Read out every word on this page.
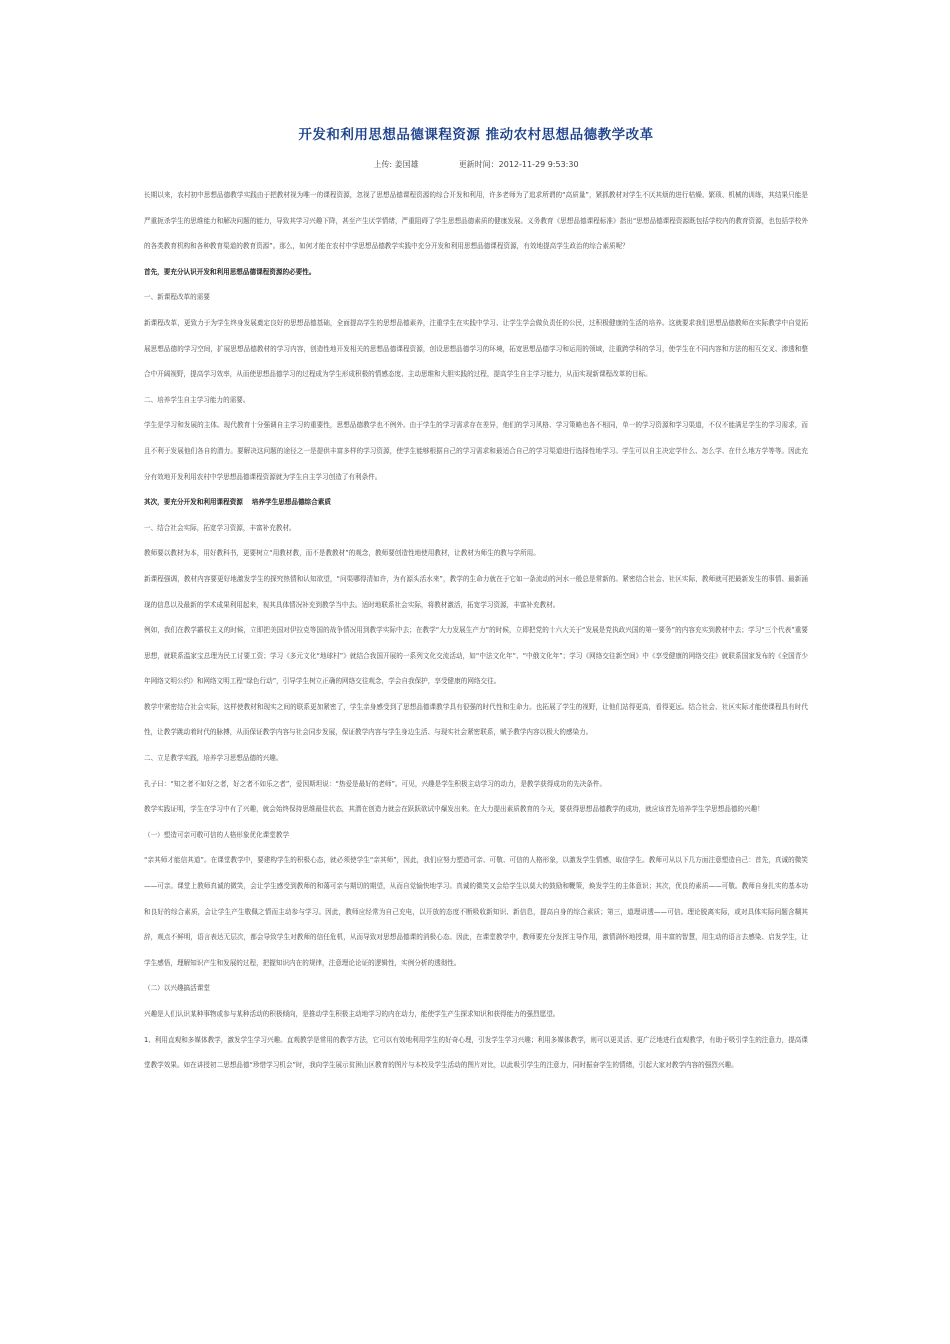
开发和利用思想品德课程资源 推动农村思想品德教学改革
上传: 姜国雄	更新时间：2012-11-29 9:53:30

长期以来，农村初中思想品德教学实践由于把教材视为唯一的课程资源，忽视了思想品德课程资源的综合开发和利用，许多老师为了追求所谓的“高质量”，紧抓教材对学生不厌其烦的进行枯燥、繁琐、机械的训练，其结果只能是严重扼杀学生的思维能力和解决问题的能力，导致其学习兴趣下降，甚至产生厌学情绪，严重阻碍了学生思想品德素质的健康发展。义务教育《思想品德课程标准》指出“思想品德课程资源既包括学校内的教育资源，也包括学校外的各类教育机构和各种教育渠道的教育资源”。那么，如何才能在农村中学思想品德教学实践中充分开发和利用思想品德课程资源，有效地提高学生政治的综合素质呢？

首先，要充分认识开发和利用思想品德课程资源的必要性。

一、新课程改革的需要

新课程改革，更致力于为学生终身发展奠定良好的思想品德基础，全面提高学生的思想品德素养，注重学生在实践中学习、让学生学会做负责任的公民，过积极健康的生活的培养。这就要求我们思想品德教师在实际教学中自觉拓展思想品德的学习空间，扩展思想品德教材的学习内容，创造性地开发相关的思想品德课程资源，创设思想品德学习的环境，拓宽思想品德学习和运用的领域，注重跨学科的学习，使学生在不同内容和方法的相互交叉、渗透和整合中开阔视野，提高学习效率，从而使思想品德学习的过程成为学生形成积极的情感态度、主动思维和大胆实践的过程，提高学生自主学习能力，从而实现新课程改革的目标。

二、培养学生自主学习能力的需要。

学生是学习和发展的主体。现代教育十分强调自主学习的重要性，思想品德教学也不例外。由于学生的学习需求存在差异，他们的学习风格、学习策略也各不相同，单一的学习资源和学习渠道，不仅不能满足学生的学习需求，而且不利于发展他们各自的潜力。要解决这问题的途径之一是提供丰富多样的学习资源，使学生能够根据自己的学习需求和最适合自己的学习渠道进行选择性地学习。学生可以自主决定学什么、怎么学、在什么地方学等等。因此充分有效地开发利用农村中学思想品德课程资源就为学生自主学习创造了有利条件。

其次，要充分开发和利用课程资源　 培养学生思想品德综合素质

一、结合社会实际，拓宽学习资源，丰富补充教材。

教师要以教材为本，用好教科书，更要树立“用教材教，而不是教教材”的观念，教师要创造性地使用教材，让教材为师生的教与学所用。

新课程强调，教材内容要更好地激发学生的探究热情和认知欲望，“问渠哪得清如许，为有源头活水来”，教学的生命力就在于它如一条流动的河水一般总是常新的。紧密结合社会、社区实际，教师就可把最新发生的事情、最新涌现的信息以及最新的学术成果利用起来，视其具体情况补充到教学当中去。适时地联系社会实际，将教材激活，拓宽学习资源，丰富补充教材。

例如，我们在教学霸权主义的时候，立即把美国对伊拉克等国的战争情况用到教学实际中去；在教学“大力发展生产力”的时候，立即把党的十六大关于“发展是党执政兴国的第一要务”的内容充实到教材中去；学习“三个代表”重要思想，就联系温家宝总理为民工讨要工资；学习《多元文化“地球村”》就结合我国开展的一系列文化交流活动，如“中法文化年”、“中俄文化年”；学习《网络交往新空间》中《享受健康的网络交往》就联系国家发布的《全国青少年网络文明公约》和网络文明工程“绿色行动”，引导学生树立正确的网络交往观念，学会自我保护，享受健康的网络交往。

教学中紧密结合社会实际，这样使教材和现实之间的联系更加紧密了，学生亲身感受到了思想品德课教学具有很强的时代性和生命力。也拓展了学生的视野，让他们站得更高，看得更远。结合社会、社区实际才能使课程具有时代性，让教学跳动着时代的脉搏，从而保证教学内容与社会同步发展，保证教学内容与学生身边生活、与现实社会紧密联系，赋予教学内容以极大的感染力。

二、立足教学实践，培养学习思想品德的兴趣。

孔子曰：“知之者不如好之者，好之者不如乐之者”，爱因斯坦说：“热爱是最好的老师”。可见，兴趣是学生积极主动学习的动力，是教学获得成功的先决条件。

教学实践证明，学生在学习中有了兴趣，就会始终保持思维最佳状态，其潜在创造力就会在跃跃欲试中爆发出来。在大力提出素质教育的今天，要获得思想品德教学的成功，就应该首先培养学生学思想品德的兴趣！

（一）塑造可亲可敬可信的人格形象优化课堂教学

“亲其师才能信其道”。在课堂教学中，要建构学生的积极心态，就必须使学生“亲其师”，因此，我们应努力塑造可亲、可敬、可信的人格形象，以激发学生情感，取信学生。教师可从以下几方面注意塑造自己：首先，真诚的微笑——可亲。课堂上教师真诚的微笑，会让学生感受到教师的和蔼可亲与期切的期望，从而自觉愉快地学习。真诚的微笑又会给学生以莫大的鼓励和鞭策，焕发学生的主体意识；其次，优良的素质——可敬。教师自身扎实的基本功和良好的综合素质，会让学生产生敬佩之情而主动参与学习。因此，教师应经常为自己充电，以开放的态度不断吸收新知识、新信息，提高自身的综合素质；第三，道理讲透——可信。理论脱离实际，或对具体实际问题含糊其辞，观点不鲜明，语言表达无层次，都会导致学生对教师的信任危机，从而导致对思想品德课的消极心态。因此，在课堂教学中，教师要充分发挥主导作用，激情满怀地授课，用丰富的智慧，用生动的语言去感染、启发学生，让学生感悟，理解知识产生和发展的过程，把握知识内在的规律，注意理论论证的逻辑性，实例分析的透彻性。

（二）以兴趣搞活课堂

兴趣是人们认识某种事物或参与某种活动的积极倾向，是推动学生积极主动地学习的内在动力，能使学生产生探求知识和获得能力的强烈愿望。

1、利用直观和多媒体教学，激发学生学习兴趣。直观教学是常用的教学方法，它可以有效地利用学生的好奇心理，引发学生学习兴趣；利用多媒体教学，则可以更灵活、更广泛地进行直观教学，有助于吸引学生的注意力，提高课堂教学效果。如在讲授初二思想品德“珍惜学习机会”时，我向学生展示贫困山区教育的图片与本校及学生活动的图片对比，以此吸引学生的注意力，同时振奋学生的情绪，引起大家对教学内容的强烈兴趣。
